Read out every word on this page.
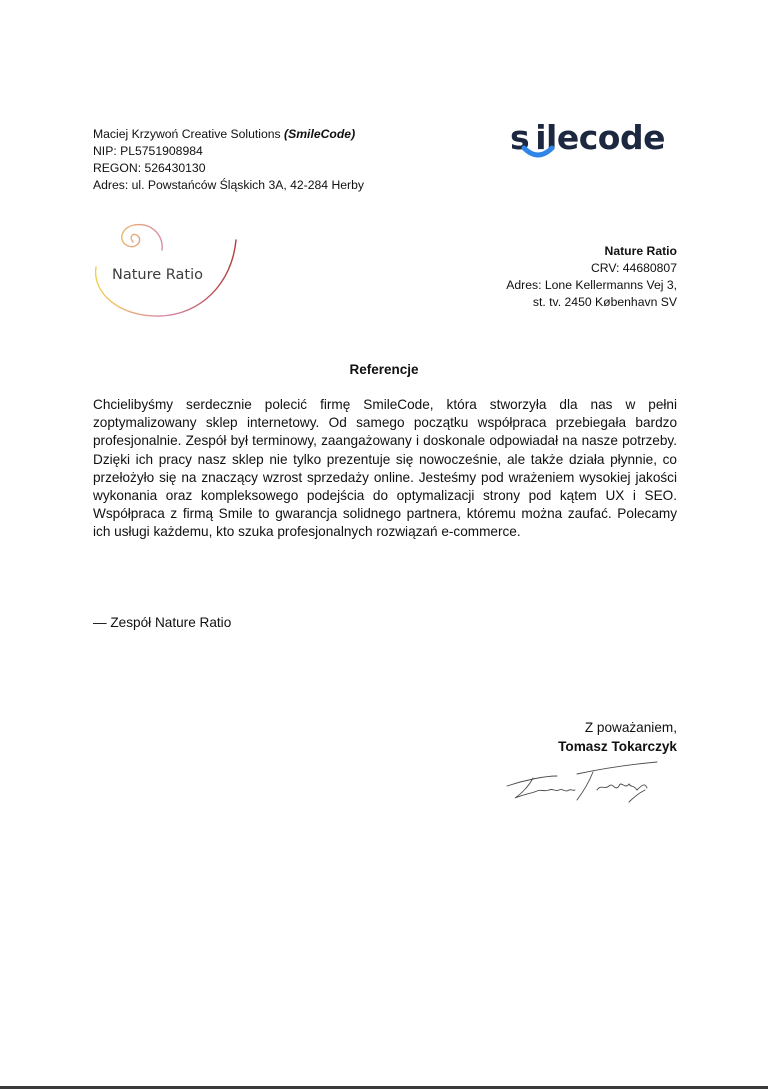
Maciej Krzywoń Creative Solutions (SmileCode)
NIP: PL5751908984
REGON: 526430130
Adres: ul. Powstańców Śląskich 3A, 42-284 Herby
s ilecode
Nature Ratio
Nature Ratio
CRV: 44680807
Adres: Lone Kellermanns Vej 3,
st. tv. 2450 København SV
Referencje
Chcielibyśmy serdecznie polecić firmę SmileCode, która stworzyła dla nas w pełni zoptymalizowany sklep internetowy. Od samego początku współpraca przebiegała bardzo profesjonalnie. Zespół był terminowy, zaangażowany i doskonale odpowiadał na nasze potrzeby. Dzięki ich pracy nasz sklep nie tylko prezentuje się nowocześnie, ale także działa płynnie, co przełożyło się na znaczący wzrost sprzedaży online. Jesteśmy pod wrażeniem wysokiej jakości wykonania oraz kompleksowego podejścia do optymalizacji strony pod kątem UX i SEO. Współpraca z firmą Smile to gwarancja solidnego partnera, któremu można zaufać. Polecamy ich usługi każdemu, kto szuka profesjonalnych rozwiązań e-commerce.
— Zespół Nature Ratio
Z poważaniem,
Tomasz Tokarczyk
